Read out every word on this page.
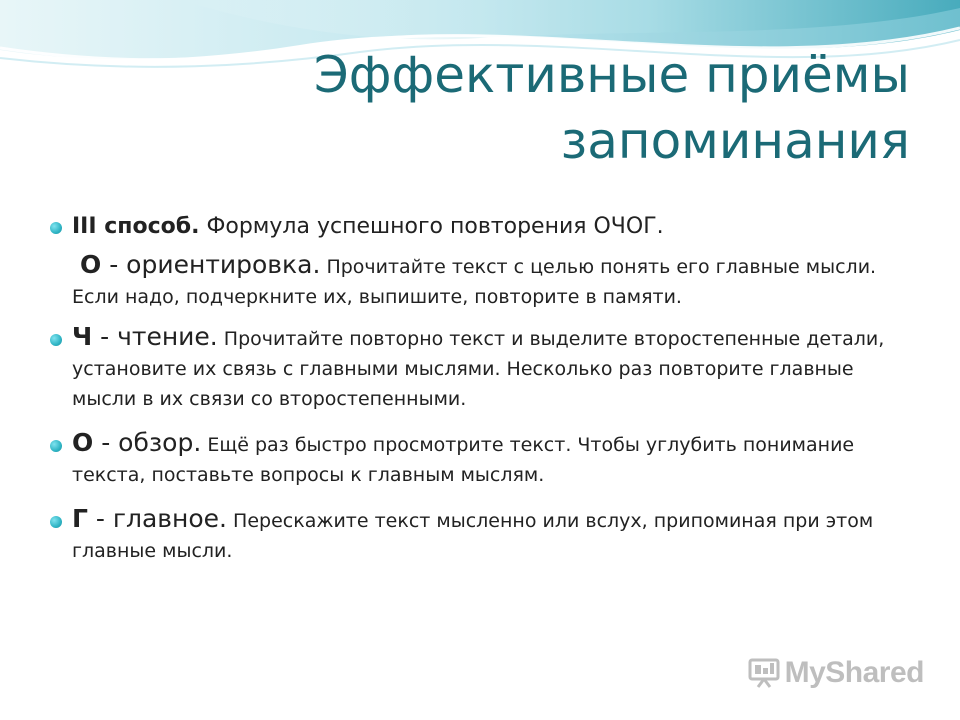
Эффективные приёмы
запоминания

III способ. Формула успешного повторения ОЧОГ.

О - ориентировка. Прочитайте текст с целью понять его главные мысли. Если надо, подчеркните их, выпишите, повторите в памяти.

Ч - чтение. Прочитайте повторно текст и выделите второстепенные детали, установите их связь с главными мыслями. Несколько раз повторите главные мысли в их связи со второстепенными.

О - обзор. Ещё раз быстро просмотрите текст. Чтобы углубить понимание текста, поставьте вопросы к главным мыслям.

Г - главное. Перескажите текст мысленно или вслух, припоминая при этом главные мысли.

MyShared
